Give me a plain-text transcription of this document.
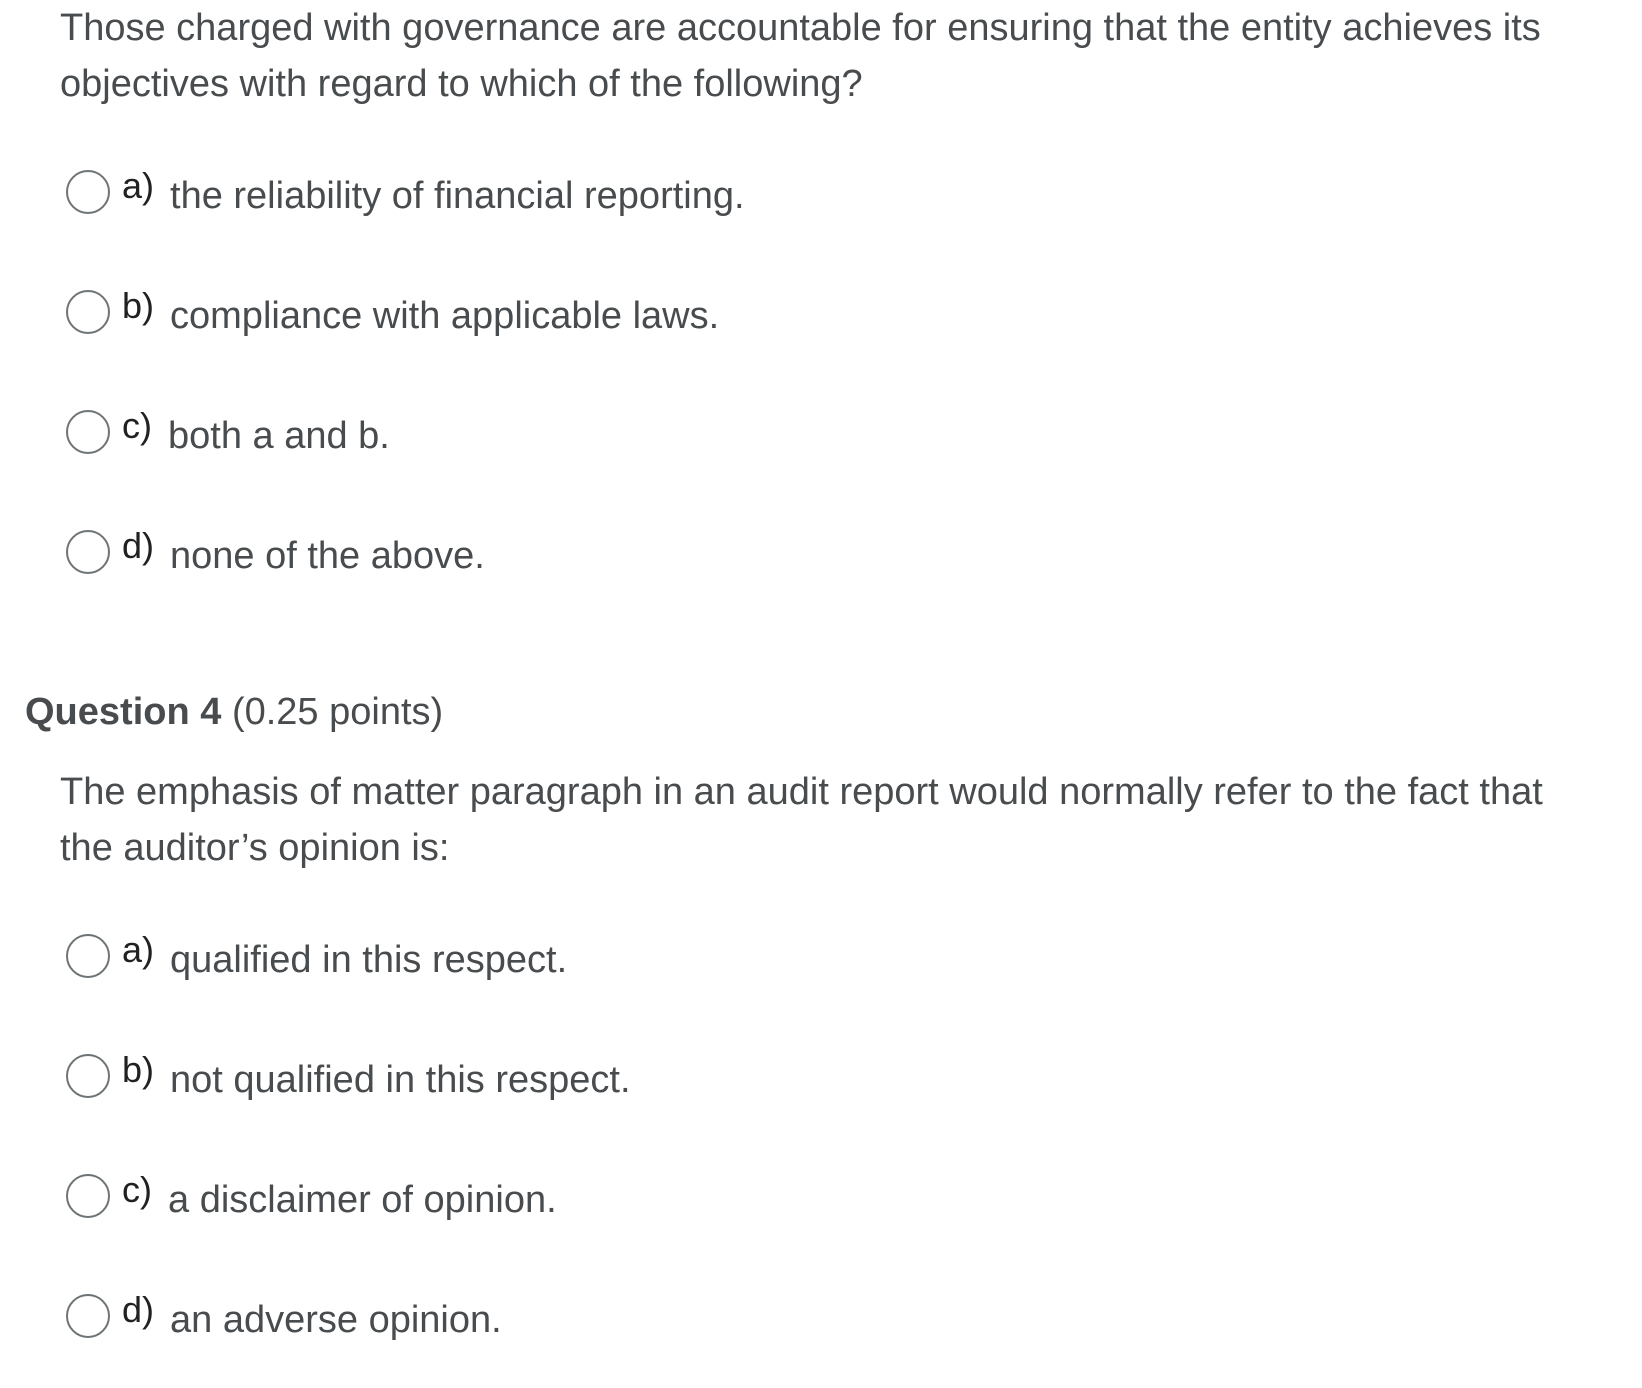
Those charged with governance are accountable for ensuring that the entity achieves its objectives with regard to which of the following?

a) the reliability of financial reporting.
b) compliance with applicable laws.
c) both a and b.
d) none of the above.
Question 4 (0.25 points)

The emphasis of matter paragraph in an audit report would normally refer to the fact that the auditor’s opinion is:

a) qualified in this respect.
b) not qualified in this respect.
c) a disclaimer of opinion.
d) an adverse opinion.
